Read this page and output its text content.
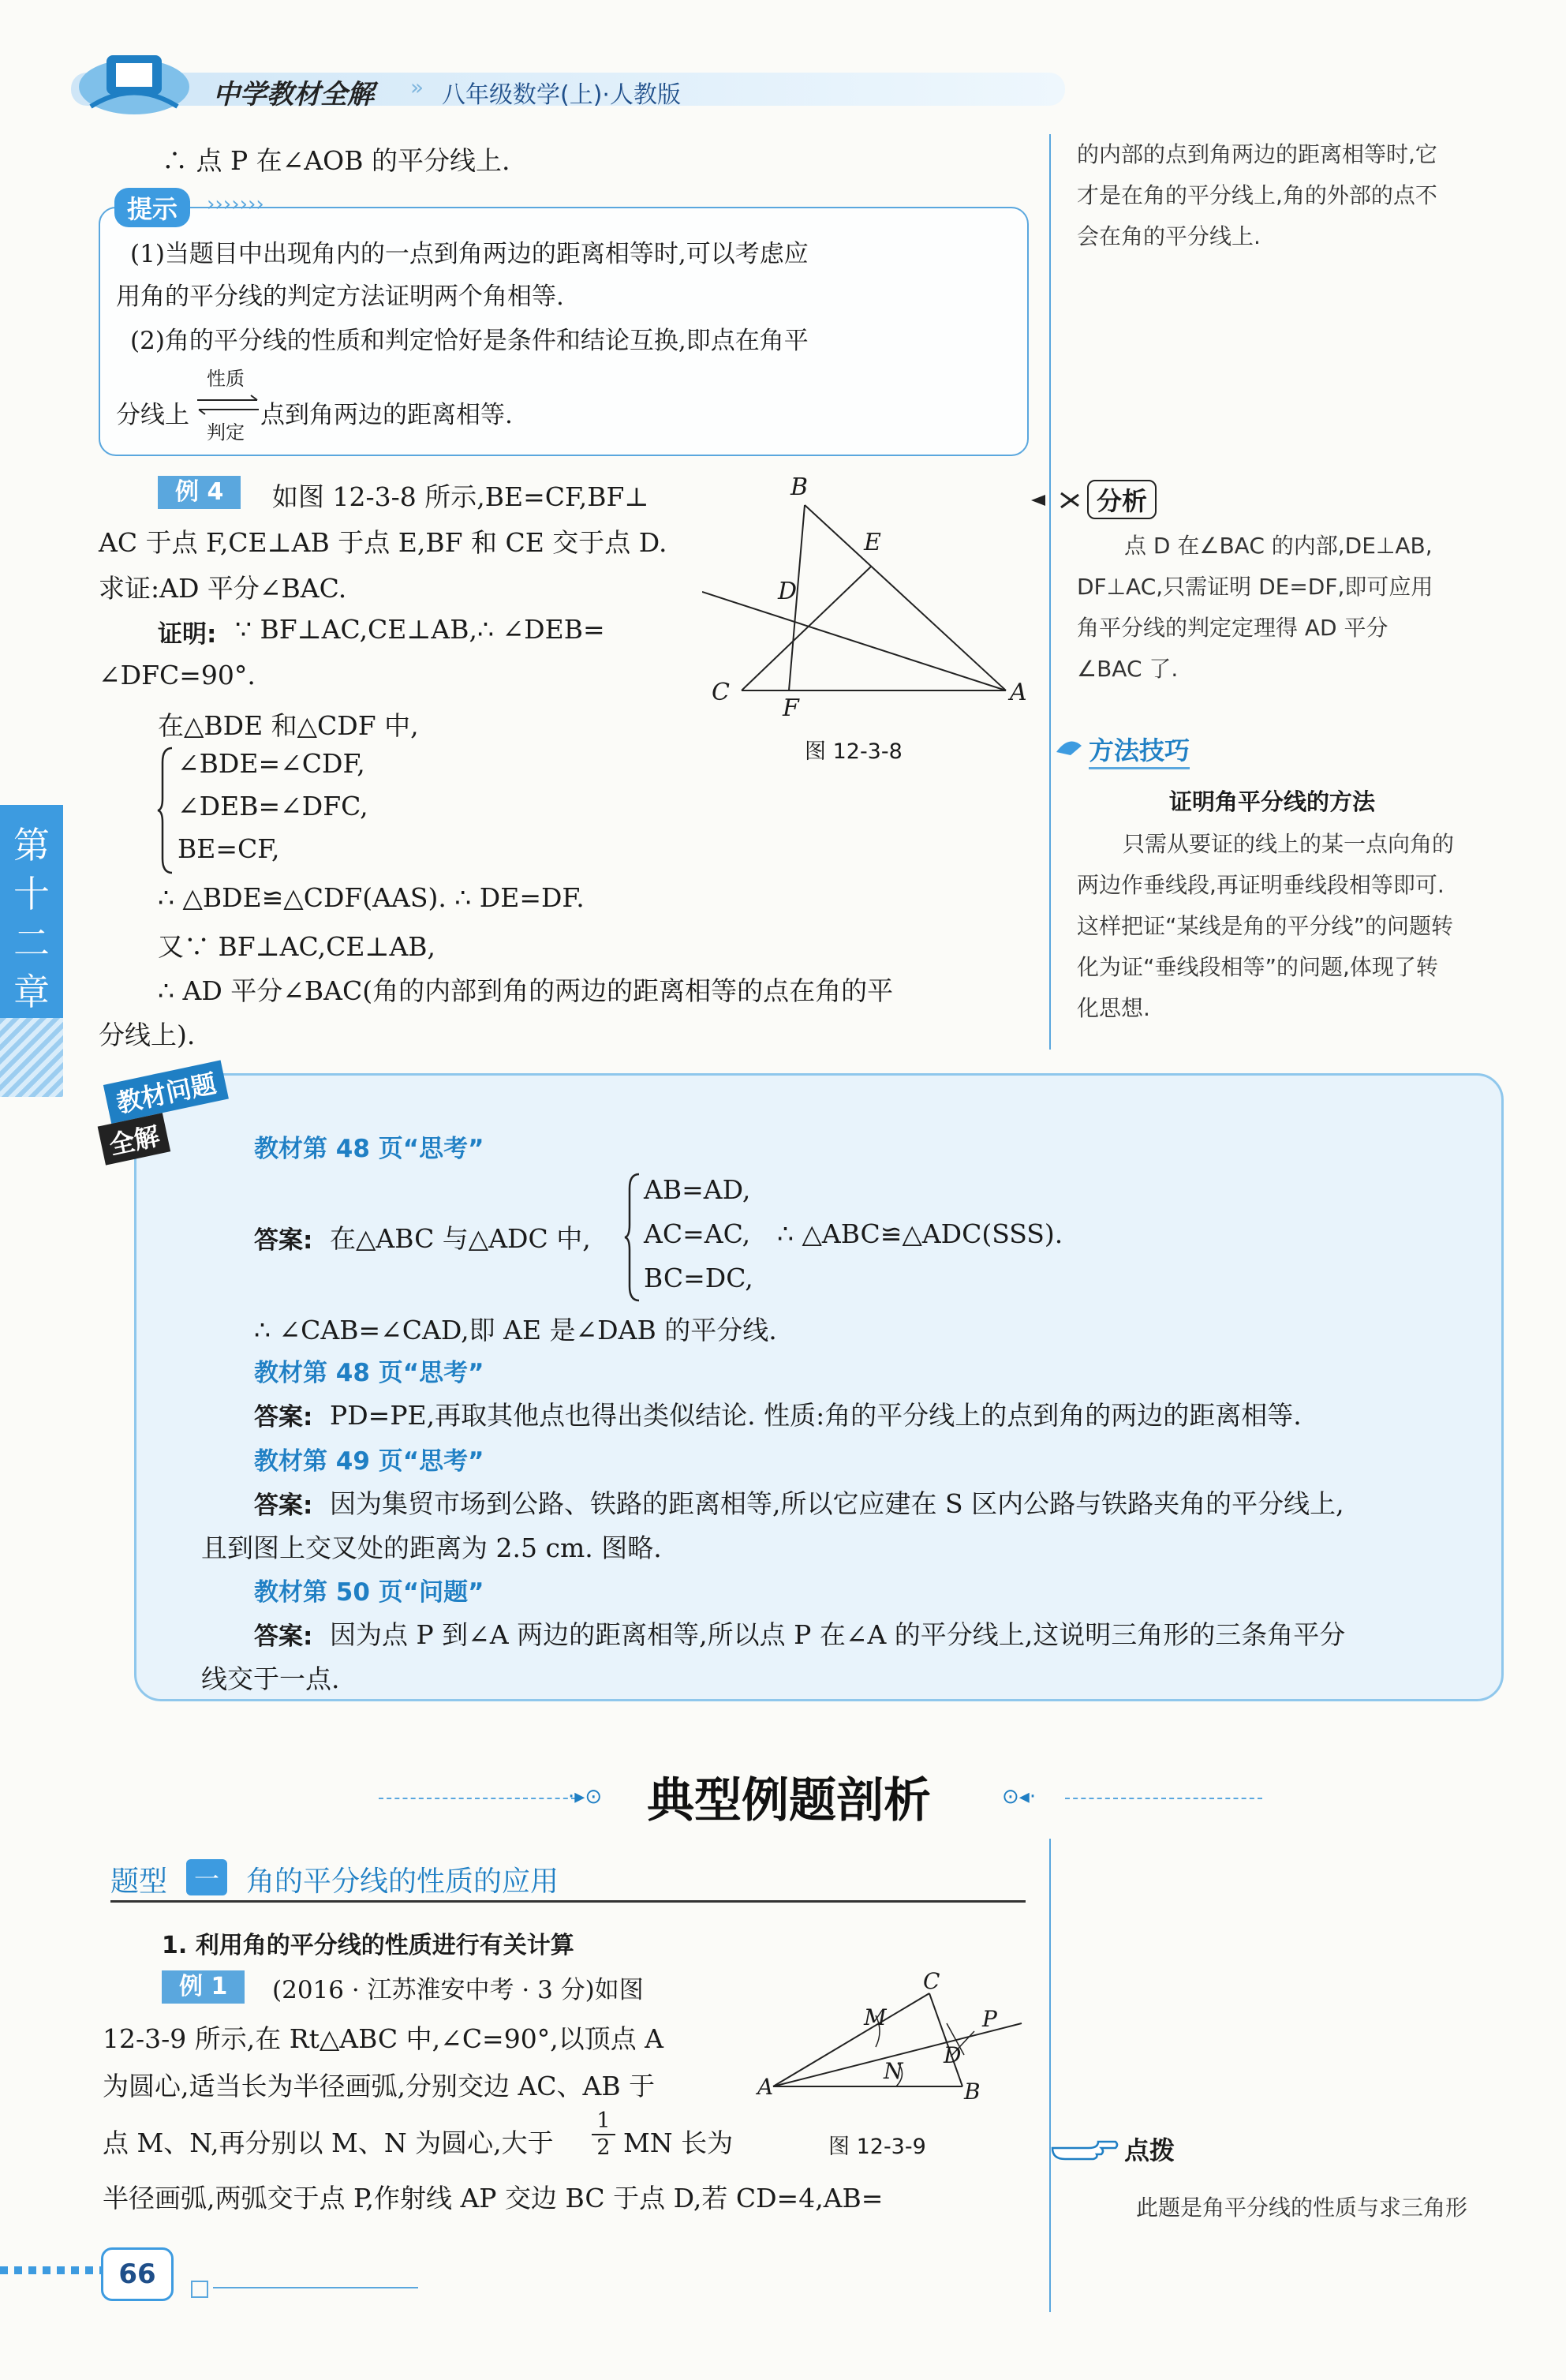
中学教材全解 » 八年级数学(上)·人教版
第
十
二
章
∴ 点 P 在∠AOB 的平分线上.
提示	›››››››
(1)当题目中出现角内的一点到角两边的距离相等时,可以考虑应
用角的平分线的判定方法证明两个角相等.
(2)角的平分线的性质和判定恰好是条件和结论互换,即点在角平
分线上
性质
判定
点到角两边的距离相等.
的内部的点到角两边的距离相等时,它
才是在角的平分线上,角的外部的点不
会在角的平分线上.
例 4	如图 12-3-8 所示,BE=CF,BF⊥
AC 于点 F,CE⊥AB 于点 E,BF 和 CE 交于点 D.
求证:AD 平分∠BAC.
证明: ∵ BF⊥AC,CE⊥AB,∴ ∠DEB=
∠DFC=90°.
在△BDE 和△CDF 中,
∠BDE=∠CDF,
∠DEB=∠DFC,
BE=CF,
∴ △BDE≌△CDF(AAS). ∴ DE=DF.
又∵ BF⊥AC,CE⊥AB,
∴ AD 平分∠BAC(角的内部到角的两边的距离相等的点在角的平
分线上).
B
E
D
C
F
A
图 12-3-8
分析
点 D 在∠BAC 的内部,DE⊥AB,
DF⊥AC,只需证明 DE=DF,即可应用
角平分线的判定定理得 AD 平分
∠BAC 了.
方法技巧
证明角平分线的方法
只需从要证的线上的某一点向角的
两边作垂线段,再证明垂线段相等即可.
这样把证“某线是角的平分线”的问题转
化为证“垂线段相等”的问题,体现了转
化思想.
教材问题 全解	教材第 48 页“思考”
答案: 在△ABC 与△ADC 中,
AB=AD,
AC=AC, ∴ △ABC≌△ADC(SSS).
BC=DC,
∴ ∠CAB=∠CAD,即 AE 是∠DAB 的平分线.
教材第 48 页“思考”
答案: PD=PE,再取其他点也得出类似结论. 性质:角的平分线上的点到角的两边的距离相等.
教材第 49 页“思考”
答案: 因为集贸市场到公路、铁路的距离相等,所以它应建在 S 区内公路与铁路夹角的平分线上,
且到图上交叉处的距离为 2.5 cm. 图略.
教材第 50 页“问题”
答案: 因为点 P 到∠A 两边的距离相等,所以点 P 在∠A 的平分线上,这说明三角形的三条角平分
线交于一点.
·▸⊙ 典型例题剖析	⊙◂·
题型	一 角的平分线的性质的应用
1. 利用角的平分线的性质进行有关计算
例 1	(2016 · 江苏淮安中考 · 3 分)如图
12-3-9 所示,在 Rt△ABC 中,∠C=90°,以顶点 A
为圆心,适当长为半径画弧,分别交边 AC、AB 于
点 M、N,再分别以 M、N 为圆心,大于 $\frac{1}{2}$ MN 长为
半径画弧,两弧交于点 P,作射线 AP 交边 BC 于点 D,若 CD=4,AB=
C
M	P
D
N
A	B
图 12-3-9	点拨
此题是角平分线的性质与求三角形
66
